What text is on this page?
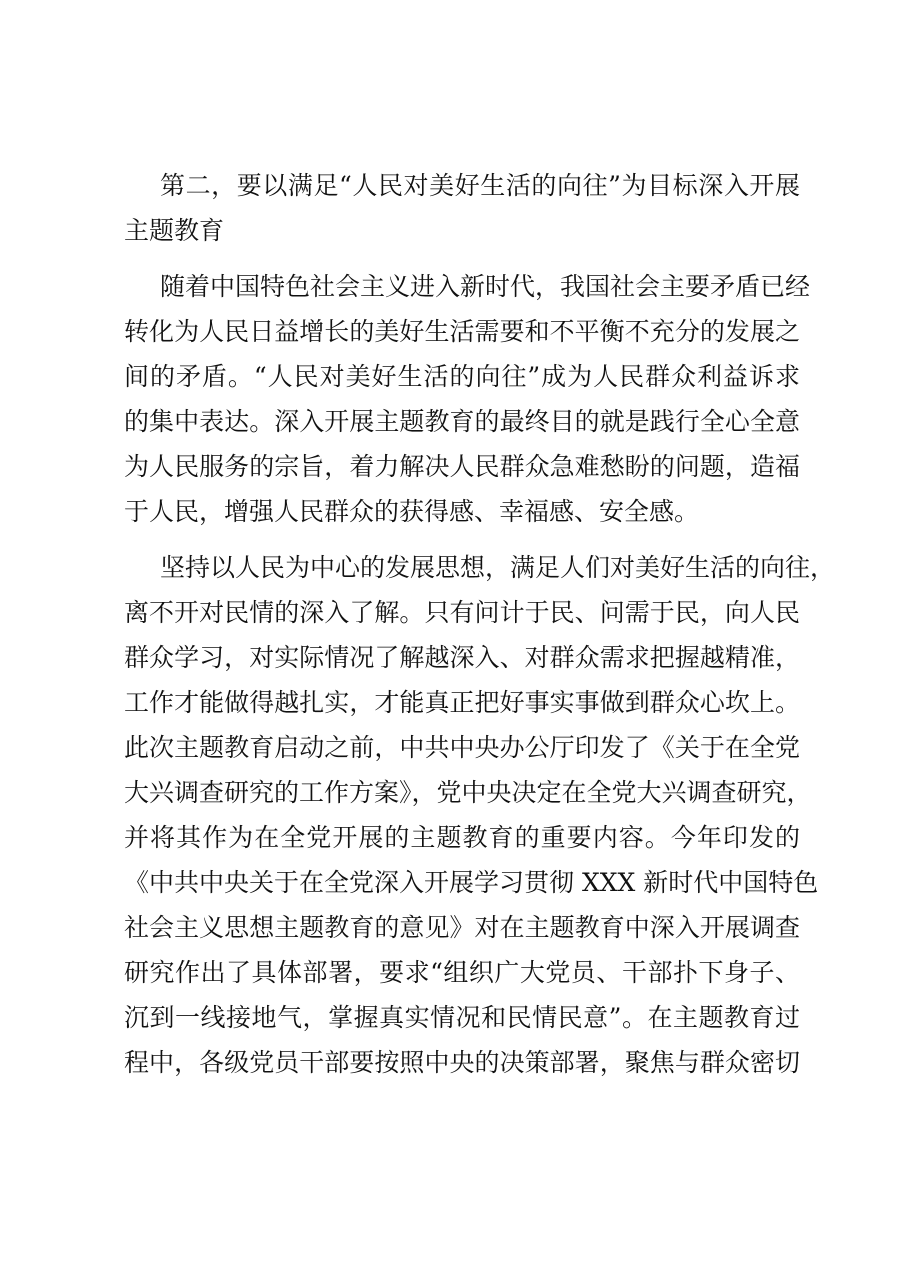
第二，要以满足“人民对美好生活的向往”为目标深入开展
主题教育
随着中国特色社会主义进入新时代，我国社会主要矛盾已经
转化为人民日益增长的美好生活需要和不平衡不充分的发展之
间的矛盾。“人民对美好生活的向往”成为人民群众利益诉求
的集中表达。深入开展主题教育的最终目的就是践行全心全意
为人民服务的宗旨，着力解决人民群众急难愁盼的问题，造福
于人民，增强人民群众的获得感、幸福感、安全感。
坚持以人民为中心的发展思想，满足人们对美好生活的向往，
离不开对民情的深入了解。只有问计于民、问需于民，向人民
群众学习，对实际情况了解越深入、对群众需求把握越精准，
工作才能做得越扎实，才能真正把好事实事做到群众心坎上。
此次主题教育启动之前，中共中央办公厅印发了《关于在全党
大兴调查研究的工作方案》，党中央决定在全党大兴调查研究，
并将其作为在全党开展的主题教育的重要内容。今年印发的
《中共中央关于在全党深入开展学习贯彻 XXX 新时代中国特色
社会主义思想主题教育的意见》对在主题教育中深入开展调查
研究作出了具体部署，要求“组织广大党员、干部扑下身子、
沉到一线接地气，掌握真实情况和民情民意”。在主题教育过
程中，各级党员干部要按照中央的决策部署，聚焦与群众密切
